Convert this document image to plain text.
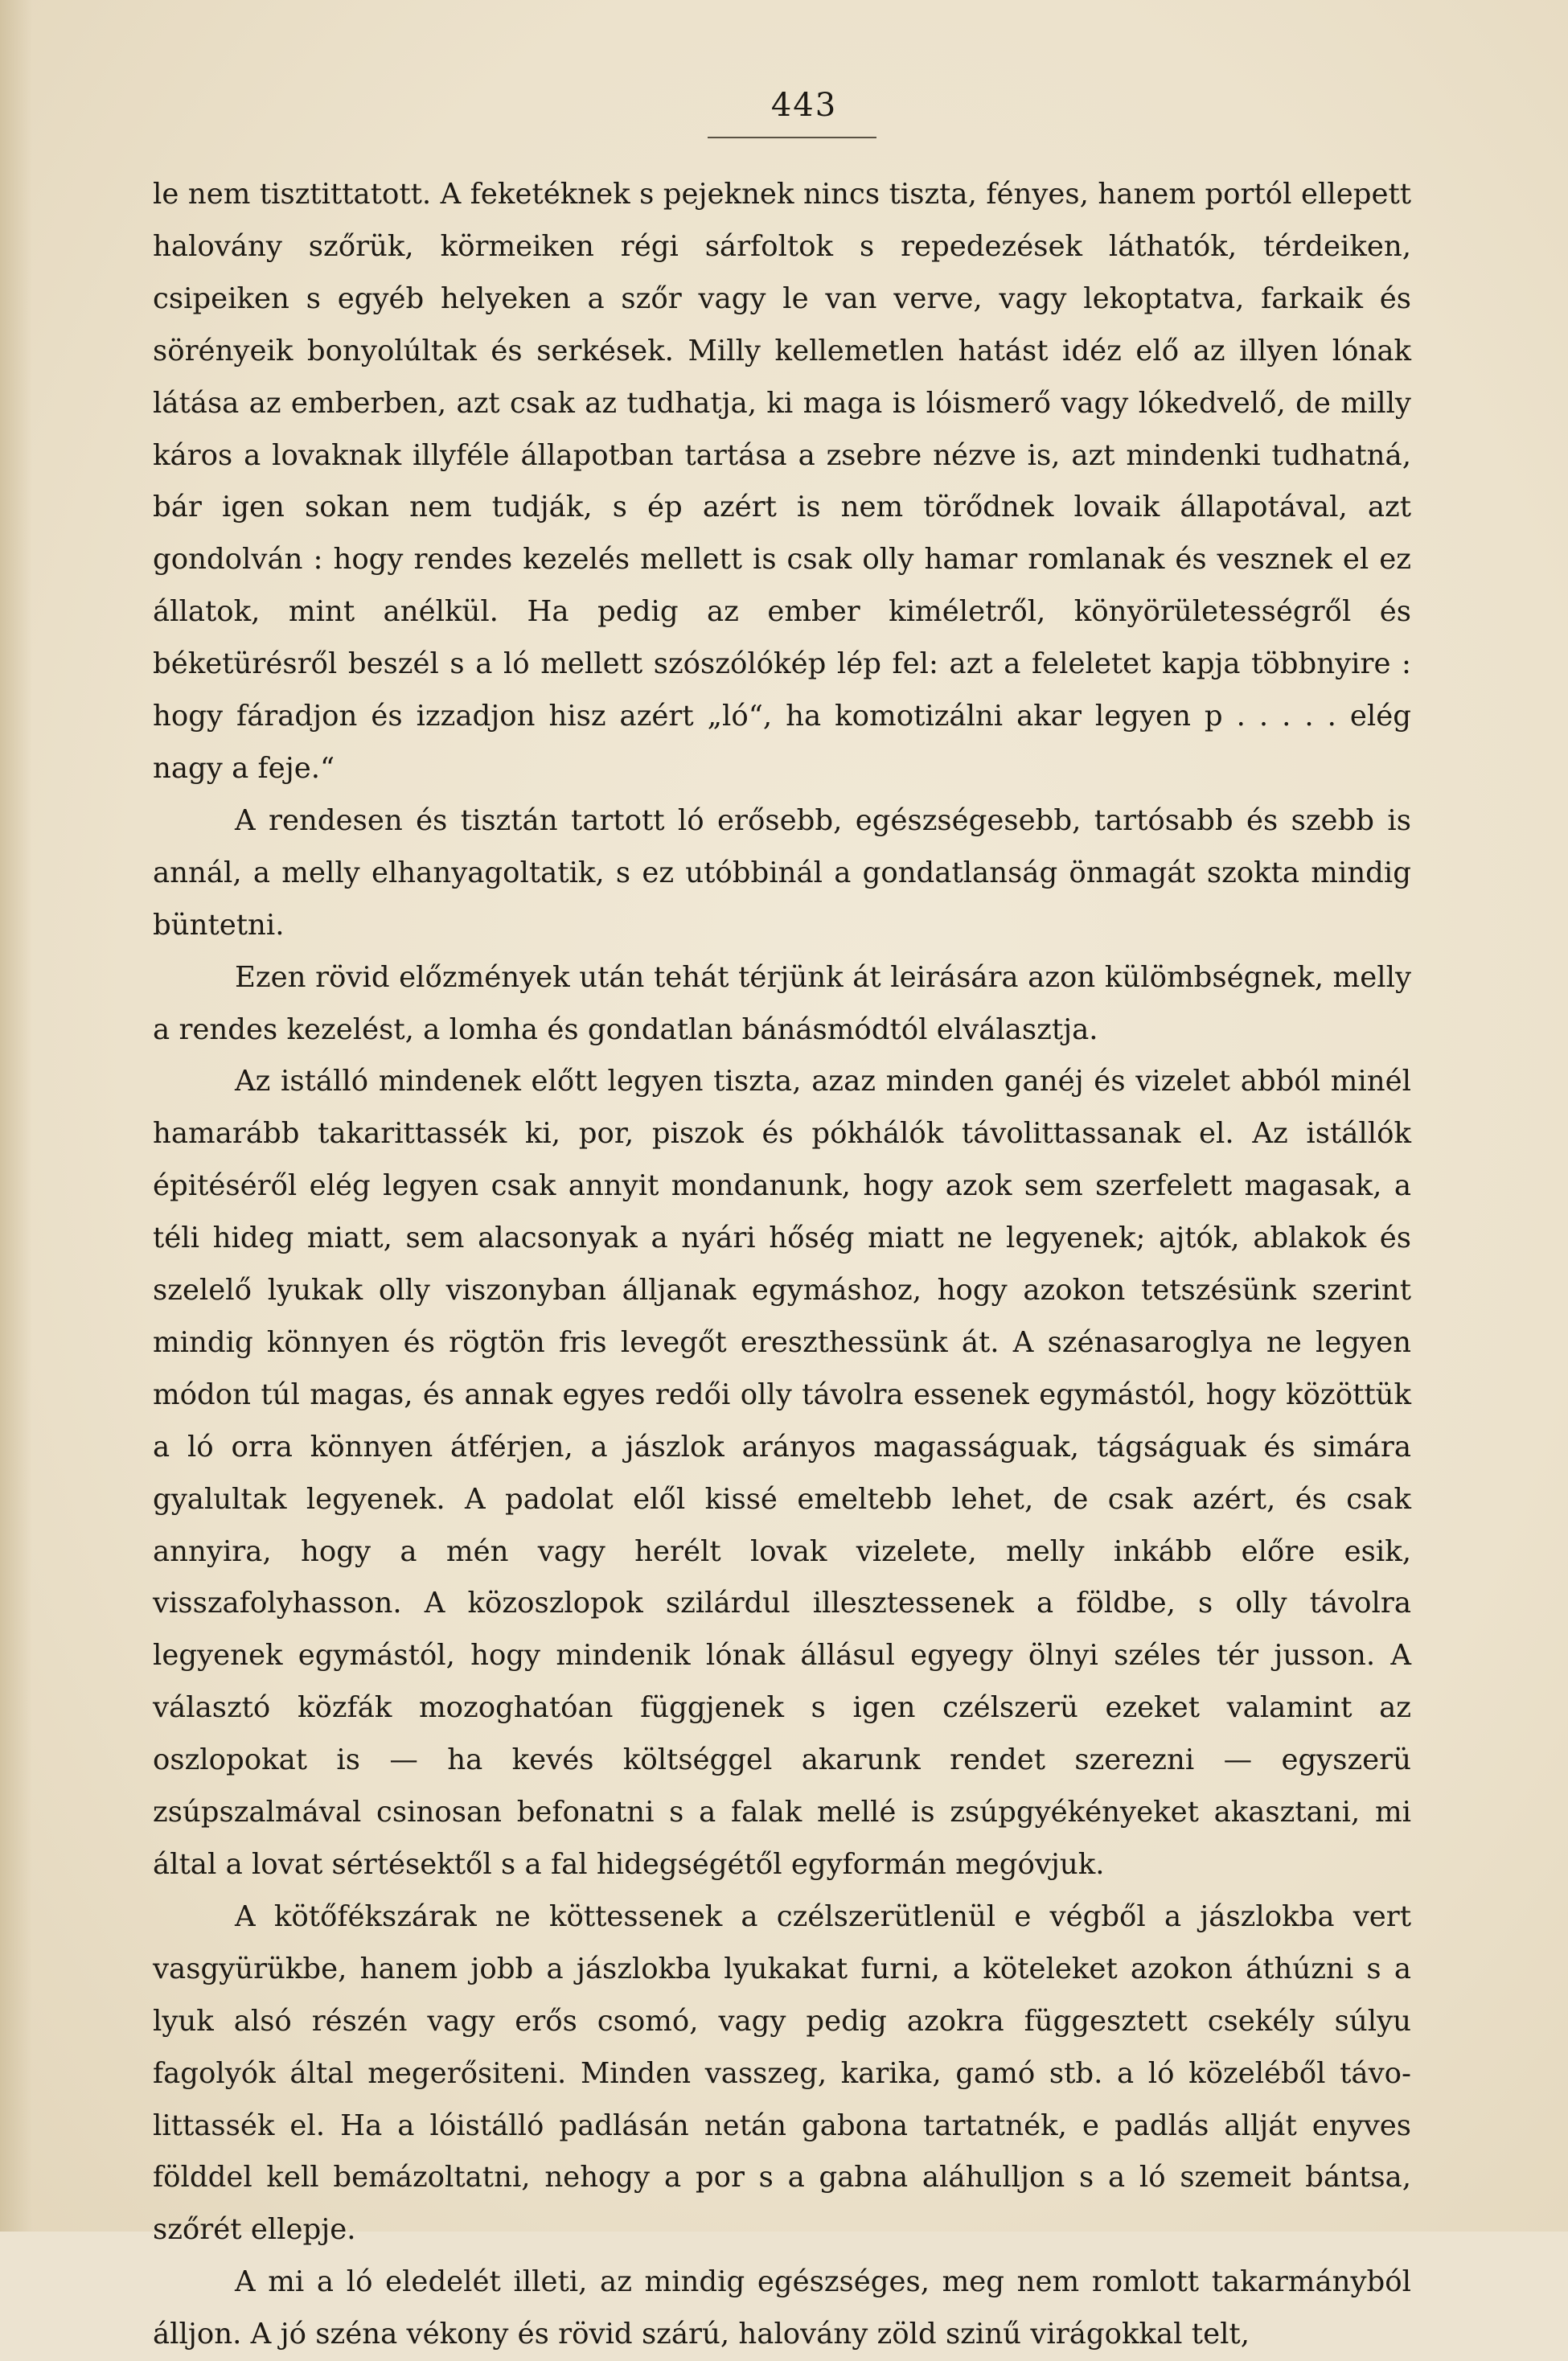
443

le nem tisztittatott. A feketéknek s pejeknek nincs tiszta, fényes, hanem portól ellepett halovány szőrük, körmeiken régi sárfoltok s repedezések láthatók, térdeiken, csipeiken s egyéb helyeken a szőr vagy le van verve, vagy lekoptatva, farkaik és sörényeik bonyolúltak és serkések. Milly kellemetlen hatást idéz elő az illyen lónak látása az emberben, azt csak az tudhatja, ki maga is lóismerő vagy lókedvelő, de milly káros a lovaknak illyféle állapotban tartása a zsebre nézve is, azt mindenki tudhatná, bár igen sokan nem tudják, s ép azért is nem törődnek lovaik állapotával, azt gondolván : hogy rendes kezelés mellett is csak olly hamar romlanak és vesznek el ez állatok, mint anélkül. Ha pedig az ember kiméletről, könyörületességről és béketürésről beszél s a ló mellett szószólókép lép fel: azt a feleletet kapja többnyire : hogy fáradjon és izzadjon hisz azért „ló“, ha komotizálni akar legyen p . . . . . elég nagy a feje.“

A rendesen és tisztán tartott ló erősebb, egészségesebb, tartósabb és szebb is annál, a melly elhanyagoltatik, s ez utóbbinál a gondatlanság önmagát szokta mindig büntetni.

Ezen rövid előzmények után tehát térjünk át leirására azon külömbségnek, melly a rendes kezelést, a lomha és gondatlan bánásmódtól elválasztja.

Az istálló mindenek előtt legyen tiszta, azaz minden ganéj és vizelet abból minél hamarább takarittassék ki, por, piszok és pókhálók távolittassanak el. Az istállók épitéséről elég legyen csak annyit mondanunk, hogy azok sem szerfelett magasak, a téli hideg miatt, sem alacsonyak a nyári hőség miatt ne legyenek; ajtók, ablakok és szelelő lyukak olly viszonyban álljanak egymáshoz, hogy azokon tetszésünk szerint mindig könnyen és rögtön fris levegőt ereszthessünk át. A szénasaroglya ne legyen módon túl magas, és annak egyes redői olly távolra essenek egymástól, hogy közöttük a ló orra könnyen átférjen, a jászlok arányos magasságuak, tágságuak és simára gyalultak legyenek. A padolat elől kissé emeltebb lehet, de csak azért, és csak annyira, hogy a mén vagy herélt lovak vizelete, melly inkább előre esik, visszafolyhasson. A közoszlopok szilárdul illesztessenek a földbe, s olly távolra legyenek egymástól, hogy mindenik lónak állásul egyegy ölnyi széles tér jusson. A választó közfák mozoghatóan függjenek s igen czélszerü ezeket valamint az oszlopokat is — ha kevés költséggel akarunk rendet szerezni — egyszerü zsúpszalmával csinosan befonatni s a falak mellé is zsúpgyékényeket akasztani, mi által a lovat sértésektől s a fal hidegségétől egyformán megóvjuk.

A kötőfékszárak ne köttessenek a czélszerütlenül e végből a jászlokba vert vasgyürükbe, hanem jobb a jászlokba lyukakat furni, a köteleket azokon áthúzni s a lyuk alsó részén vagy erős csomó, vagy pedig azokra függesztett csekély súlyu fagolyók által megerősiteni. Minden vasszeg, karika, gamó stb. a ló közeléből távolittassék el. Ha a lóistálló padlásán netán gabona tartatnék, e padlás allját enyves földdel kell bemázoltatni, nehogy a por s a gabna aláhulljon s a ló szemeit bántsa, szőrét ellepje.

A mi a ló eledelét illeti, az mindig egészséges, meg nem romlott takarmányból álljon. A jó széna vékony és rövid szárú, halovány zöld szinű virágokkal telt,
